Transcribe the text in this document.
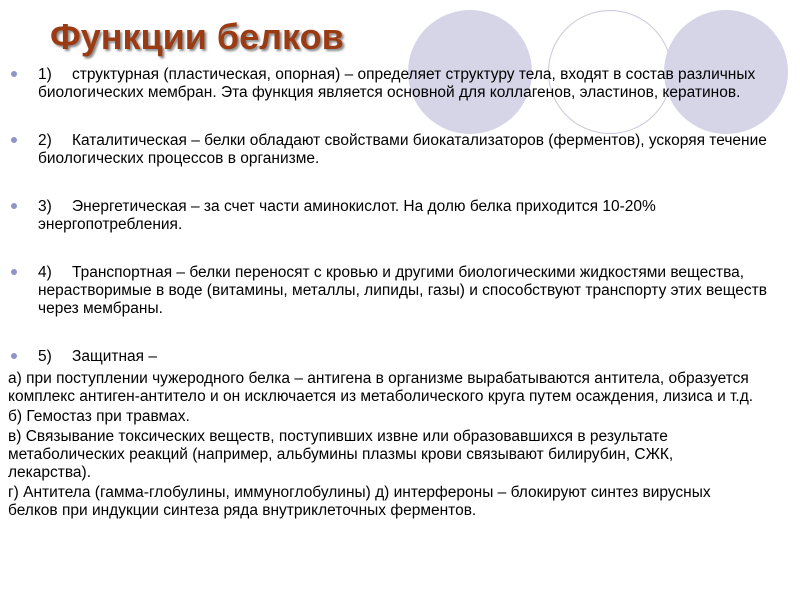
Функции белков
1) структурная (пластическая, опорная) – определяет структуру тела, входят в состав различных биологических мембран. Эта функция является основной для коллагенов, эластинов, кератинов.
2) Каталитическая – белки обладают свойствами биокатализаторов (ферментов), ускоряя течение биологических процессов в организме.
3) Энергетическая – за счет части аминокислот. На долю белка приходится 10-20% энергопотребления.
4) Транспортная – белки переносят с кровью и другими биологическими жидкостями вещества, нерастворимые в воде (витамины, металлы, липиды, газы) и способствуют транспорту этих веществ через мембраны.
5) Защитная –
а) при поступлении чужеродного белка – антигена в организме вырабатываются антитела, образуется комплекс антиген-антитело и он исключается из метаболического круга путем осаждения, лизиса и т.д.
б) Гемостаз при травмах.
в) Связывание токсических веществ, поступивших извне или образовавшихся в результате метаболических реакций (например, альбумины плазмы крови связывают билирубин, СЖК, лекарства).
г) Антитела (гамма-глобулины, иммуноглобулины) д) интерфероны – блокируют синтез вирусных белков при индукции синтеза ряда внутриклеточных ферментов.
